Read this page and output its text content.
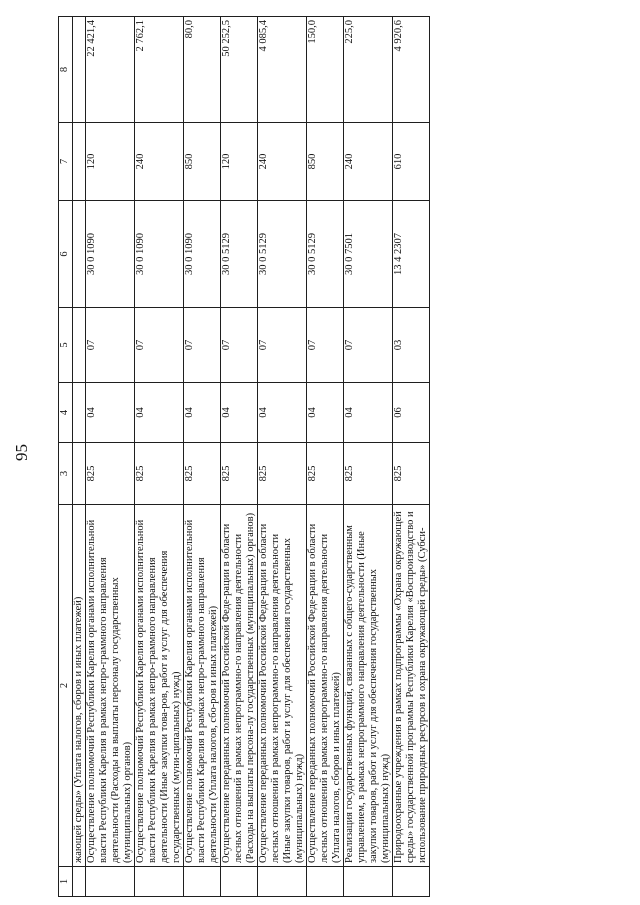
95
1	2	3	4	5	6	7	8
	жающей среды» (Уплата налогов, сборов и иных платежей)						
	Осуществление полномочий Республики Карелия органами исполнительной власти Республики Карелия в рамках непро-граммного направления деятельности (Расходы на выплаты персоналу государственных (муниципальных) органов)	825	04	07	30 0 1090	120	22 421,4
	Осуществление полномочий Республики Карелия органами исполнительной власти Республики Карелия в рамках непро-граммного направления деятельности (Иные закупки това-ров, работ и услуг для обеспечения государственных (муни-ципальных) нужд)	825	04	07	30 0 1090	240	2 762,1
	Осуществление полномочий Республики Карелия органами исполнительной власти Республики Карелия в рамках непро-граммного направления деятельности (Уплата налогов, сбо-ров и иных платежей)	825	04	07	30 0 1090	850	80,0
	Осуществление переданных полномочий Российской Феде-рации в области лесных отношений в рамках непрограммно-го направления деятельности (Расходы на выплаты персона-лу государственных (муниципальных) органов)	825	04	07	30 0 5129	120	50 252,5
	Осуществление переданных полномочий Российской Феде-рации в области лесных отношений в рамках непрограммно-го направления деятельности (Иные закупки товаров, работ и услуг для обеспечения государственных (муниципальных) нужд)	825	04	07	30 0 5129	240	4 085,4
	Осуществление переданных полномочий Российской Феде-рации в области лесных отношений в рамках непрограммно-го направления деятельности (Уплата налогов, сборов и иных платежей)	825	04	07	30 0 5129	850	150,0
	Реализация государственных функций, связанных с общего-сударственным управлением, в рамках непрограммного направления деятельности (Иные закупки товаров, работ и услуг для обеспечения государственных (муниципальных) нужд)	825	04	07	30 0 7501	240	225,0
	Природоохранные учреждения в рамках подпрограммы «Охрана окружающей среды» государственной программы Республики Карелия «Воспроизводство и использование природных ресурсов и охрана окружающей среды» (Субси-	825	06	03	13 4 2307	610	4 920,6
